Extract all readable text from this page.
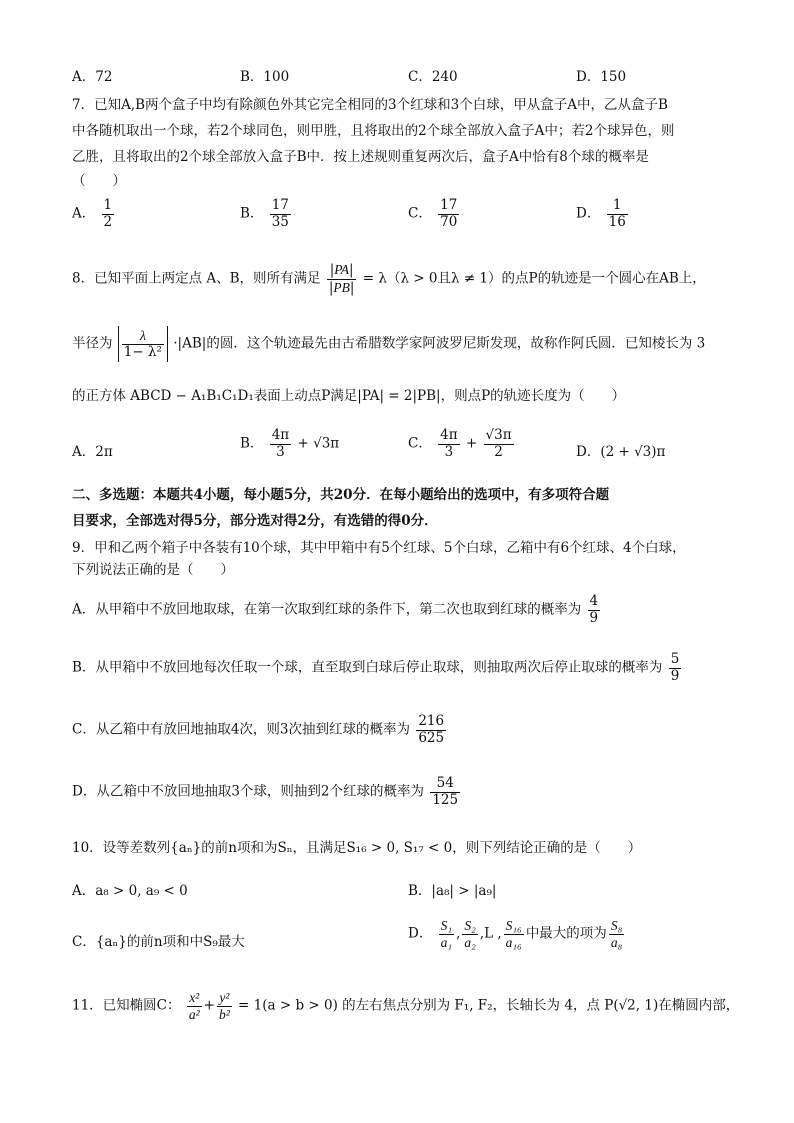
A．72	B．100	C．240	D．150
7．已知A,B两个盒子中均有除颜色外其它完全相同的3个红球和3个白球，甲从盒子A中，乙从盒子B
中各随机取出一个球，若2个球同色，则甲胜，且将取出的2个球全部放入盒子A中；若2个球异色，则
乙胜，且将取出的2个球全部放入盒子B中．按上述规则重复两次后，盒子A中恰有8个球的概率是
（　　）
A． $\frac{1}{2}$	B． $\frac{17}{35}$	C． $\frac{17}{70}$	D． $\frac{1}{16}$
8．已知平面上两定点 A、B，则所有满足 $\frac{|PA|}{|PB|} = \lambda(\lambda > 0$且λ ≠ 1）的点P的轨迹是一个圆心在AB上，
半径为 $\frac{\lambda}{\text{1− λ²}} \cdot|AB|$的圆．这个轨迹最先由古希腊数学家阿波罗尼斯发现，故称作阿氏圆．已知棱长为 3
的正方体 ABCD − A₁B₁C₁D₁表面上动点P满足|PA| = 2|PB|，则点P的轨迹长度为（　　）
A．2π
B． $\frac{4\pi}{3} + √3\pi$	C． $\frac{4\pi}{3} + \frac{√3\pi}{2}$	D．(2 + √3)π
二、多选题：本题共4小题，每小题5分，共20分．在每小题给出的选项中，有多项符合题
目要求，全部选对得5分，部分选对得2分，有选错的得0分．
9．甲和乙两个箱子中各装有10个球，其中甲箱中有5个红球、5个白球，乙箱中有6个红球、4个白球，
下列说法正确的是（　　）
A．从甲箱中不放回地取球，在第一次取到红球的条件下，第二次也取到红球的概率为 $\frac{4}{9}$
B．从甲箱中不放回地每次任取一个球，直至取到白球后停止取球，则抽取两次后停止取球的概率为 $\frac{5}{9}$
C．从乙箱中有放回地抽取4次，则3次抽到红球的概率为 $\frac{216}{625}$
D．从乙箱中不放回地抽取3个球，则抽到2个红球的概率为 $\frac{54}{125}$
10．设等差数列{aₙ}的前n项和为Sₙ，且满足S₁₆ > 0, S₁₇ < 0，则下列结论正确的是（　　）
A．a₈ > 0, a₉ < 0	B．|a₈| > |a₉|
C．{aₙ}的前n项和中S₉最大
D． $\frac{\text{S₁}}{\text{a₁}}$ , $\frac{\text{S₂}}{\text{a₂}} ,L$ , $\frac{\text{S₁₆}}{\text{a₁₆}}$ 中最大的项为 $\frac{\text{S₈}}{\text{a₈}}$
11．已知椭圆C： $\frac{\text{x²}}{\text{a²}} + \frac{\text{y²}}{\text{b²}} = 1(a > b > 0)$ 的左右焦点分别为 F₁, F₂，长轴长为 4，点 P(√2, 1)在椭圆内部，
